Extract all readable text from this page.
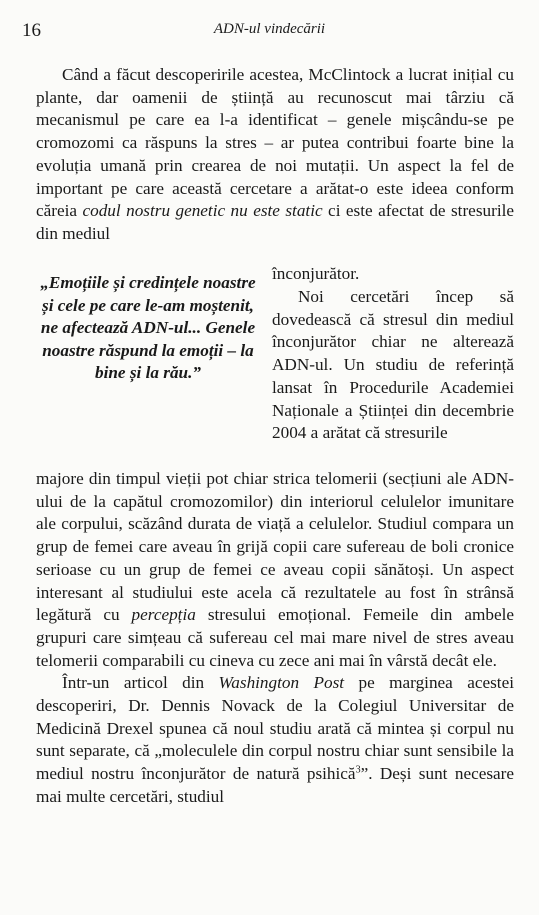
16	ADN-ul vindecării

Când a făcut descoperirile acestea, McClintock a lucrat inițial cu plante, dar oamenii de știință au recunoscut mai târziu că mecanismul pe care ea l-a identificat – genele mișcându-se pe cromozomi ca răspuns la stres – ar putea contribui foarte bine la evoluția umană prin crearea de noi mutații. Un aspect la fel de important pe care această cercetare a arătat-o este ideea conform căreia codul nostru genetic nu este static ci este afectat de stresurile din mediul

înconjurător.

Noi cercetări încep să dovedească că stresul din mediul înconjurător chiar ne alterează ADN-ul. Un studiu de referință lansat în Procedurile Academiei Naționale a Științei din decembrie 2004 a arătat că stresurile

„Emoțiile și credințele noastre și cele pe care le-am moștenit, ne afectează ADN-ul... Genele noastre răspund la emoții – la bine și la rău.”

majore din timpul vieții pot chiar strica telomerii (secțiuni ale ADN-ului de la capătul cromozomilor) din interiorul celulelor imunitare ale corpului, scăzând durata de viață a celulelor. Studiul compara un grup de femei care aveau în grijă copii care sufereau de boli cronice serioase cu un grup de femei ce aveau copii sănătoși. Un aspect interesant al studiului este acela că rezultatele au fost în strânsă legătură cu percepția stresului emoțional. Femeile din ambele grupuri care simțeau că sufereau cel mai mare nivel de stres aveau telomerii comparabili cu cineva cu zece ani mai în vârstă decât ele.

Într-un articol din Washington Post pe marginea acestei descoperiri, Dr. Dennis Novack de la Colegiul Universitar de Medicină Drexel spunea că noul studiu arată că mintea și corpul nu sunt separate, că „moleculele din corpul nostru chiar sunt sensibile la mediul nostru înconjurător de natură psihică$^3$”. Deși sunt necesare mai multe cercetări, studiul
